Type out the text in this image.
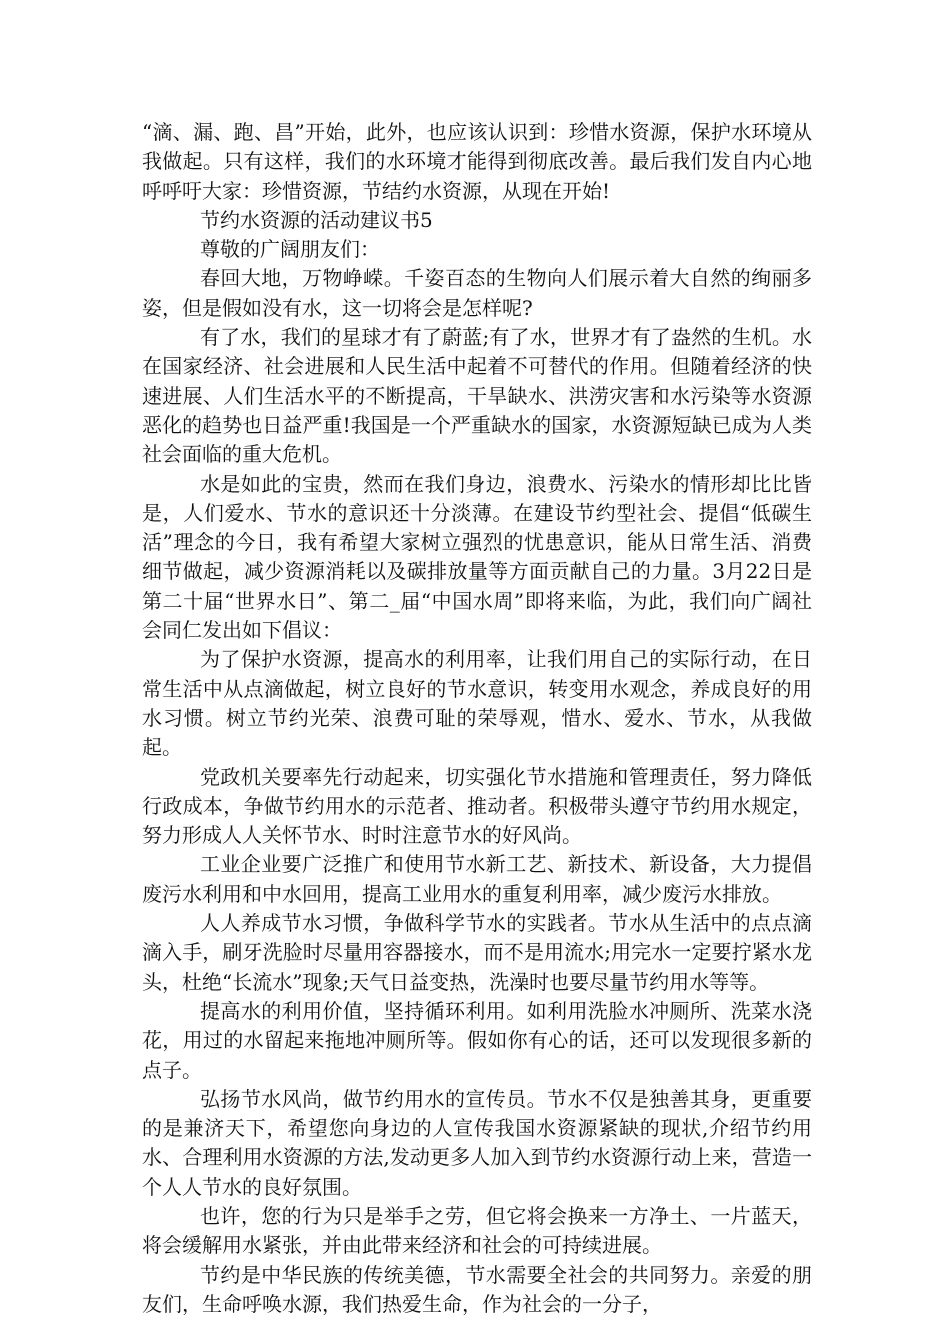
“滴、漏、跑、昌”开始，此外，也应该认识到：珍惜水资源，保护水环境从我做起。只有这样，我们的水环境才能得到彻底改善。最后我们发自内心地呼呼吁大家：珍惜资源，节结约水资源，从现在开始!

节约水资源的活动建议书5

尊敬的广阔朋友们：

春回大地，万物峥嵘。千姿百态的生物向人们展示着大自然的绚丽多姿，但是假如没有水，这一切将会是怎样呢?

有了水，我们的星球才有了蔚蓝;有了水，世界才有了盎然的生机。水在国家经济、社会进展和人民生活中起着不可替代的作用。但随着经济的快速进展、人们生活水平的不断提高，干旱缺水、洪涝灾害和水污染等水资源恶化的趋势也日益严重!我国是一个严重缺水的国家，水资源短缺已成为人类社会面临的重大危机。

水是如此的宝贵，然而在我们身边，浪费水、污染水的情形却比比皆是，人们爱水、节水的意识还十分淡薄。在建设节约型社会、提倡“低碳生活”理念的今日，我有希望大家树立强烈的忧患意识，能从日常生活、消费细节做起，减少资源消耗以及碳排放量等方面贡献自己的力量。3月22日是第二十届“世界水日”、第二_届“中国水周”即将来临，为此，我们向广阔社会同仁发出如下倡议：

为了保护水资源，提高水的利用率，让我们用自己的实际行动，在日常生活中从点滴做起，树立良好的节水意识，转变用水观念，养成良好的用水习惯。树立节约光荣、浪费可耻的荣辱观，惜水、爱水、节水，从我做起。

党政机关要率先行动起来，切实强化节水措施和管理责任，努力降低行政成本，争做节约用水的示范者、推动者。积极带头遵守节约用水规定，努力形成人人关怀节水、时时注意节水的好风尚。

工业企业要广泛推广和使用节水新工艺、新技术、新设备，大力提倡废污水利用和中水回用，提高工业用水的重复利用率，减少废污水排放。

人人养成节水习惯，争做科学节水的实践者。节水从生活中的点点滴滴入手，刷牙洗脸时尽量用容器接水，而不是用流水;用完水一定要拧紧水龙头，杜绝“长流水”现象;天气日益变热，洗澡时也要尽量节约用水等等。

提高水的利用价值，坚持循环利用。如利用洗脸水冲厕所、洗菜水浇花，用过的水留起来拖地冲厕所等。假如你有心的话，还可以发现很多新的点子。

弘扬节水风尚，做节约用水的宣传员。节水不仅是独善其身，更重要的是兼济天下，希望您向身边的人宣传我国水资源紧缺的现状,介绍节约用水、合理利用水资源的方法,发动更多人加入到节约水资源行动上来，营造一个人人节水的良好氛围。

也许，您的行为只是举手之劳，但它将会换来一方净土、一片蓝天，将会缓解用水紧张，并由此带来经济和社会的可持续进展。

节约是中华民族的传统美德，节水需要全社会的共同努力。亲爱的朋友们，生命呼唤水源，我们热爱生命，作为社会的一分子，
